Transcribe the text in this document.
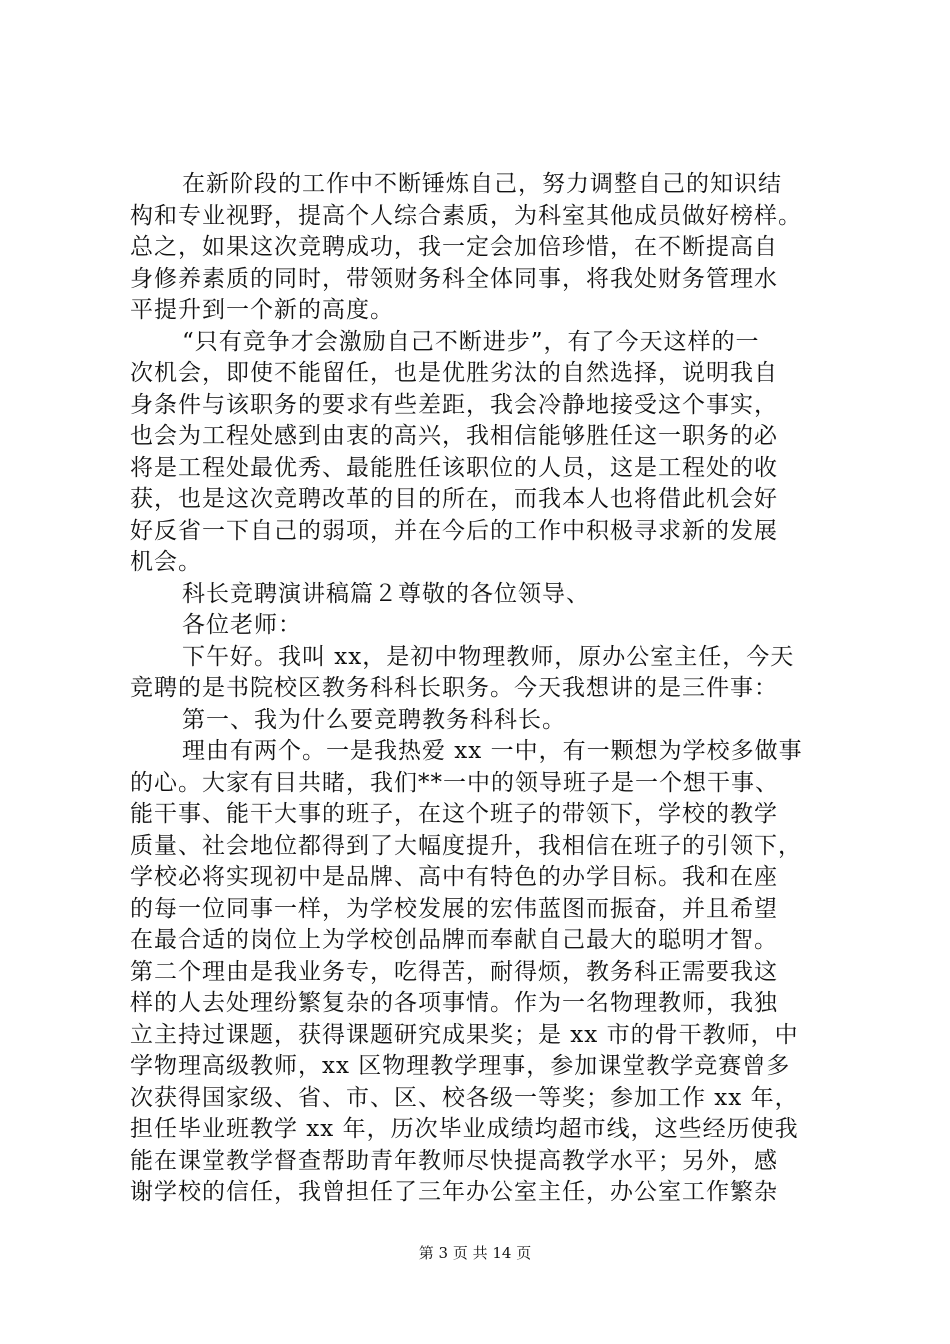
在新阶段的工作中不断锤炼自己，努力调整自己的知识结
构和专业视野，提高个人综合素质，为科室其他成员做好榜样。
总之，如果这次竞聘成功，我一定会加倍珍惜，在不断提高自
身修养素质的同时，带领财务科全体同事，将我处财务管理水
平提升到一个新的高度。
“只有竞争才会激励自己不断进步”，有了今天这样的一
次机会，即使不能留任，也是优胜劣汰的自然选择，说明我自
身条件与该职务的要求有些差距，我会冷静地接受这个事实，
也会为工程处感到由衷的高兴，我相信能够胜任这一职务的必
将是工程处最优秀、最能胜任该职位的人员，这是工程处的收
获，也是这次竞聘改革的目的所在，而我本人也将借此机会好
好反省一下自己的弱项，并在今后的工作中积极寻求新的发展
机会。
科长竞聘演讲稿篇２尊敬的各位领导、
各位老师：
下午好。我叫 xx，是初中物理教师，原办公室主任，今天
竞聘的是书院校区教务科科长职务。今天我想讲的是三件事：
第一、我为什么要竞聘教务科科长。
理由有两个。一是我热爱 xx 一中，有一颗想为学校多做事
的心。大家有目共睹，我们**一中的领导班子是一个想干事、
能干事、能干大事的班子，在这个班子的带领下，学校的教学
质量、社会地位都得到了大幅度提升，我相信在班子的引领下，
学校必将实现初中是品牌、高中有特色的办学目标。我和在座
的每一位同事一样，为学校发展的宏伟蓝图而振奋，并且希望
在最合适的岗位上为学校创品牌而奉献自己最大的聪明才智。
第二个理由是我业务专，吃得苦，耐得烦，教务科正需要我这
样的人去处理纷繁复杂的各项事情。作为一名物理教师，我独
立主持过课题，获得课题研究成果奖；是 xx 市的骨干教师，中
学物理高级教师，xx 区物理教学理事，参加课堂教学竞赛曾多
次获得国家级、省、市、区、校各级一等奖；参加工作 xx 年，
担任毕业班教学 xx 年，历次毕业成绩均超市线，这些经历使我
能在课堂教学督查帮助青年教师尽快提高教学水平；另外，感
谢学校的信任，我曾担任了三年办公室主任，办公室工作繁杂
第 3 页 共 14 页
